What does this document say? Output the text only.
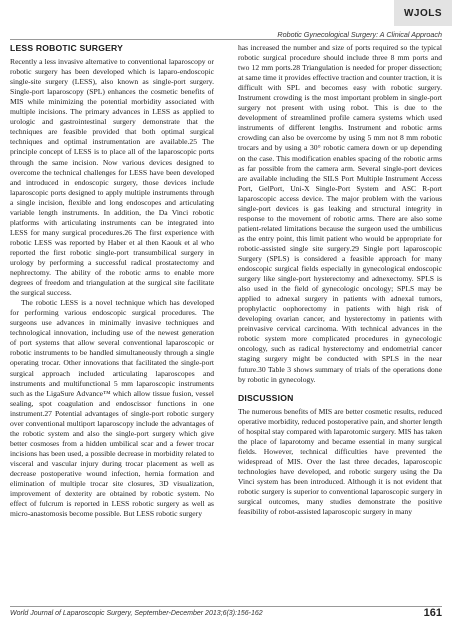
WJOLS
Robotic Gynecological Surgery: A Clinical Approach
LESS ROBOTIC SURGERY

Recently a less invasive alternative to conventional laparoscopy or robotic surgery has been developed which is laparo-endoscopic single-site surgery (LESS), also known as single-port surgery. Single-port laparoscopy (SPL) enhances the cosmetic benefits of MIS while minimizing the potential morbidity associated with multiple incisions. The primary advances in LESS as applied to urologic and gastrointestinal surgery demonstrate that the techniques are feasible provided that both optimal surgical techniques and optimal instrumentation are available.25 The principle concept of LESS is to place all of the laparoscopic ports through the same incision. Now various devices designed to overcome the technical challenges for LESS have been developed and introduced in endoscopic surgery, those devices include laparoscopic ports designed to apply multiple instruments through a single incision, flexible and long endoscopes and articulating variable length instruments. In addition, the Da Vinci robotic platforms with articulating instruments can be integrated into LESS for many surgical procedures.26 The first experience with robotic LESS was reported by Haber et al then Kaouk et al who reported the first robotic single-port transumbilical surgery in urology by performing a successful radical prostatectomy and nephrectomy. The ability of the robotic arms to enable more degrees of freedom and triangulation at the surgical site facilitate the surgical success.

The robotic LESS is a novel technique which has developed for performing various endoscopic surgical procedures. The surgeons use advances in minimally invasive techniques and technological innovation, including use of the newest generation of port systems that allow several conventional laparoscopic or robotic instruments to be handled simultaneously through a single operating trocar. Other innovations that facilitated the single-port surgical approach included articulating laparoscopes and instruments and multifunctional 5 mm laparoscopic instruments such as the LigaSure Advance™ which allow tissue fusion, vessel sealing, spot coagulation and endoscissor functions in one instrument.27 Potential advantages of single-port robotic surgery over conventional multiport laparoscopy include the advantages of the robotic system and also the single-port surgery which give better cosmoses from a hidden umbilical scar and a fewer trocar incisions has been used, a possible decrease in morbidity related to visceral and vascular injury during trocar placement as well as decrease postoperative wound infection, hernia formation and elimination of multiple trocar site closures, 3D visualization, improvement of dexterity are obtained by robotic system. No effect of fulcrum is reported in LESS robotic surgery as well as micro-anastomosis become possible. But LESS robotic surgery

has increased the number and size of ports required so the typical robotic surgical procedure should include three 8 mm ports and two 12 mm ports.28 Triangulation is needed for proper dissection; at same time it provides effective traction and counter traction, it is difficult with SPL and becomes easy with robotic surgery. Instrument crowding is the most important problem in single-port surgery not present with using robot. This is due to the development of streamlined profile camera systems which used instruments of different lengths. Instrument and robotic arms crowding can also be overcome by using 5 mm not 8 mm robotic trocars and by using a 30° robotic camera down or up depending on the case. This modification enables spacing of the robotic arms as far possible from the camera arm. Several single-port devices are available including the SILS Port Multiple Instrument Access Port, GelPort, Uni-X Single-Port System and ASC R-port laparoscopic access device. The major problem with the various single-port devices is gas leaking and structural integrity in response to the movement of robotic arms. There are also some patient-related limitations because the surgeon used the umbilicus as the entry point, this limit patient who would be appropriate for robotic-assisted single site surgery.29 Single port laparoscopic Surgery (SPLS) is considered a feasible approach for many endoscopic surgical fields especially in gynecological endoscopic surgery like single-port hysterectomy and adnexectomy. SPLS is also used in the field of gynecologic oncology; SPLS may be applied to adnexal surgery in patients with adnexal tumors, prophylactic oophorectomy in patients with high risk of developing ovarian cancer, and hysterectomy in patients with preinvasive cervical carcinoma. With technical advances in the robotic system more complicated procedures in gynecologic oncology, such as radical hysterectomy and endometrial cancer staging surgery might be conducted with SPLS in the near future.30 Table 3 shows summary of trials of the operations done by robotic in gynecology.

DISCUSSION

The numerous benefits of MIS are better cosmetic results, reduced operative morbidity, reduced postoperative pain, and shorter length of hospital stay compared with laparotomic surgery. MIS has taken the place of laparotomy and became essential in many surgical fields. However, technical difficulties have prevented the widespread of MIS. Over the last three decades, laparoscopic technologies have developed, and robotic surgery using the Da Vinci system has been introduced. Although it is not evident that robotic surgery is superior to conventional laparoscopic surgery in surgical outcomes, many studies demonstrate the positive feasibility of robot-assisted laparoscopic surgery in many

World Journal of Laparoscopic Surgery, September-December 2013;6(3):156-162	161
